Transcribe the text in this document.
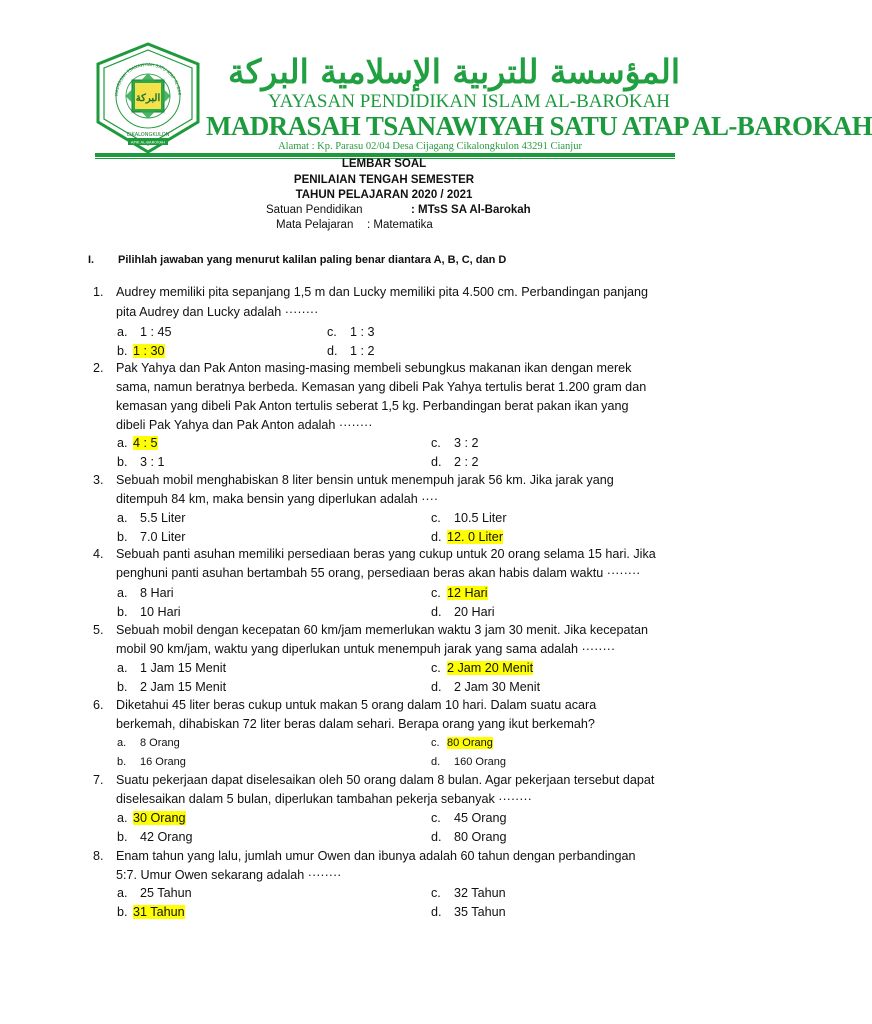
البركة
MADRASAH TSANAWIYAH SATU ATAP AL-BAR
CIKALONGKULON
APIK AL-BAROKAH
المؤسسة للتربية الإسلامية البركة
YAYASAN PENDIDIKAN ISLAM AL-BAROKAH
MADRASAH TSANAWIYAH SATU ATAP AL-BAROKAH
Alamat : Kp. Parasu 02/04 Desa Cijagang Cikalongkulon 43291 Cianjur
LEMBAR SOAL
PENILAIAN TENGAH SEMESTER
TAHUN PELAJARAN 2020 / 2021
Satuan Pendidikan	: MTsS SA Al-Barokah
Mata Pelajaran : Matematika
I. Pilihlah jawaban yang menurut kalilan paling benar diantara A, B, C, dan D
1. Audrey memiliki pita sepanjang 1,5 m dan Lucky memiliki pita 4.500 cm. Perbandingan panjang
pita Audrey dan Lucky adalah ········
a. 1 : 45
b. 1 : 30
c. 1 : 3
d. 1 : 2
2. Pak Yahya dan Pak Anton masing-masing membeli sebungkus makanan ikan dengan merek
sama, namun beratnya berbeda. Kemasan yang dibeli Pak Yahya tertulis berat 1.200 gram dan
kemasan yang dibeli Pak Anton tertulis seberat 1,5 kg. Perbandingan berat pakan ikan yang
dibeli Pak Yahya dan Pak Anton adalah ········
a. 4 : 5
b. 3 : 1
c. 3 : 2
d. 2 : 2
3. Sebuah mobil menghabiskan 8 liter bensin untuk menempuh jarak 56 km. Jika jarak yang
ditempuh 84 km, maka bensin yang diperlukan adalah ····
a. 5.5 Liter
b. 7.0 Liter
c. 10.5 Liter
d. 12. 0 Liter
4. Sebuah panti asuhan memiliki persediaan beras yang cukup untuk 20 orang selama 15 hari. Jika
penghuni panti asuhan bertambah 55 orang, persediaan beras akan habis dalam waktu ········
a. 8 Hari
b. 10 Hari
c. 12 Hari
d. 20 Hari
5. Sebuah mobil dengan kecepatan 60 km/jam memerlukan waktu 3 jam 30 menit. Jika kecepatan
mobil 90 km/jam, waktu yang diperlukan untuk menempuh jarak yang sama adalah ········
a. 1 Jam 15 Menit
b. 2 Jam 15 Menit
c. 2 Jam 20 Menit
d. 2 Jam 30 Menit
6. Diketahui 45 liter beras cukup untuk makan 5 orang dalam 10 hari. Dalam suatu acara
berkemah, dihabiskan 72 liter beras dalam sehari. Berapa orang yang ikut berkemah?
a. 8 Orang
b. 16 Orang
c. 80 Orang
d. 160 Orang
7. Suatu pekerjaan dapat diselesaikan oleh 50 orang dalam 8 bulan. Agar pekerjaan tersebut dapat
diselesaikan dalam 5 bulan, diperlukan tambahan pekerja sebanyak ········
a. 30 Orang
b. 42 Orang
c. 45 Orang
d. 80 Orang
8. Enam tahun yang lalu, jumlah umur Owen dan ibunya adalah 60 tahun dengan perbandingan
5:7. Umur Owen sekarang adalah ········
a. 25 Tahun
b. 31 Tahun
c. 32 Tahun
d. 35 Tahun
